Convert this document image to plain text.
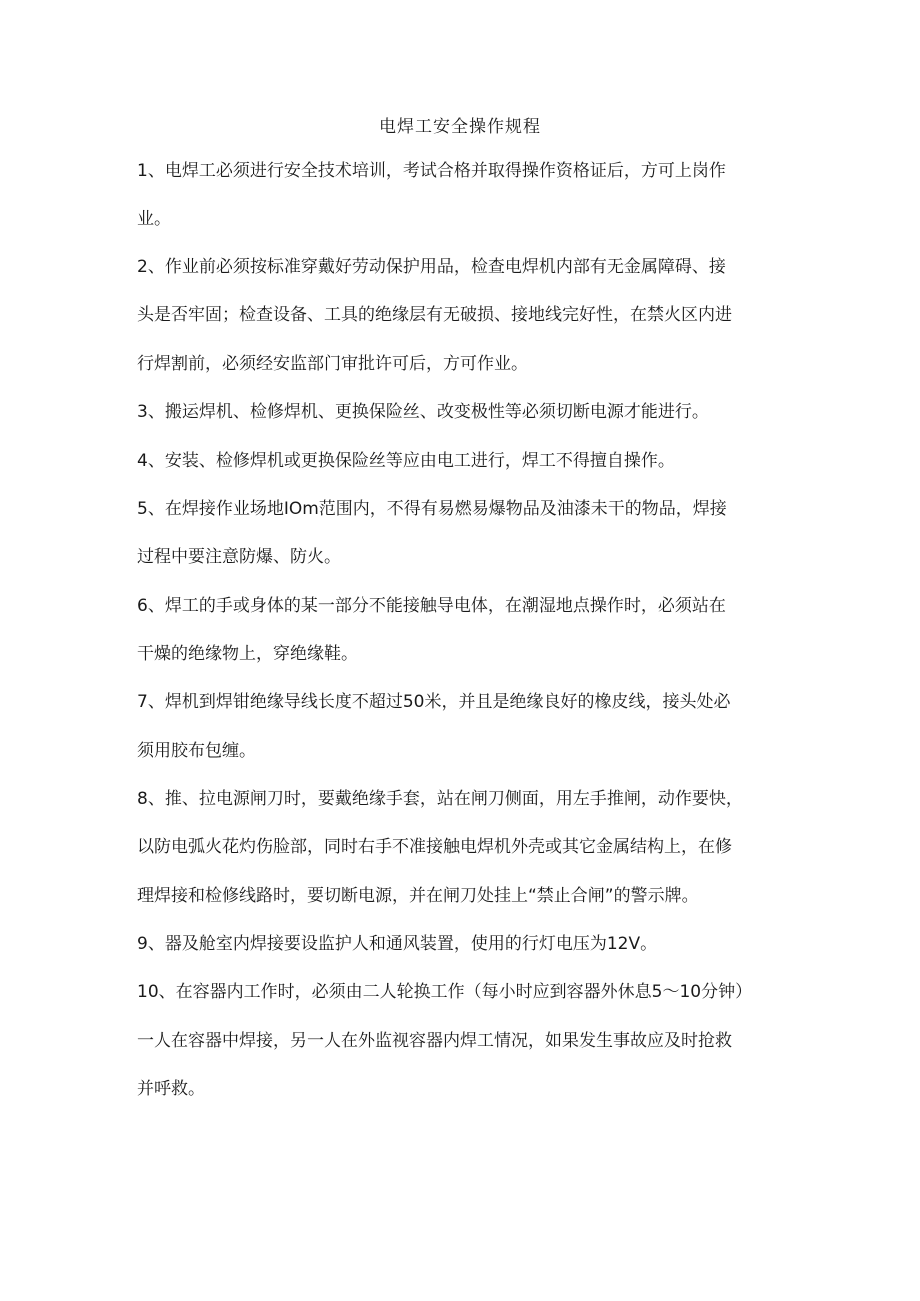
电焊工安全操作规程
1、电焊工必须进行安全技术培训，考试合格并取得操作资格证后，方可上岗作
业。
2、作业前必须按标准穿戴好劳动保护用品，检查电焊机内部有无金属障碍、接
头是否牢固；检查设备、工具的绝缘层有无破损、接地线完好性，在禁火区内进
行焊割前，必须经安监部门审批许可后，方可作业。
3、搬运焊机、检修焊机、更换保险丝、改变极性等必须切断电源才能进行。
4、安装、检修焊机或更换保险丝等应由电工进行，焊工不得擅自操作。
5、在焊接作业场地IOm范围内，不得有易燃易爆物品及油漆未干的物品，焊接
过程中要注意防爆、防火。
6、焊工的手或身体的某一部分不能接触导电体，在潮湿地点操作时，必须站在
干燥的绝缘物上，穿绝缘鞋。
7、焊机到焊钳绝缘导线长度不超过50米，并且是绝缘良好的橡皮线，接头处必
须用胶布包缠。
8、推、拉电源闸刀时，要戴绝缘手套，站在闸刀侧面，用左手推闸，动作要快，
以防电弧火花灼伤脸部，同时右手不准接触电焊机外壳或其它金属结构上，在修
理焊接和检修线路时，要切断电源，并在闸刀处挂上“禁止合闸”的警示牌。
9、器及舱室内焊接要设监护人和通风装置，使用的行灯电压为12V。
10、在容器内工作时，必须由二人轮换工作（每小时应到容器外休息5〜10分钟）
一人在容器中焊接，另一人在外监视容器内焊工情况，如果发生事故应及时抢救
并呼救。
